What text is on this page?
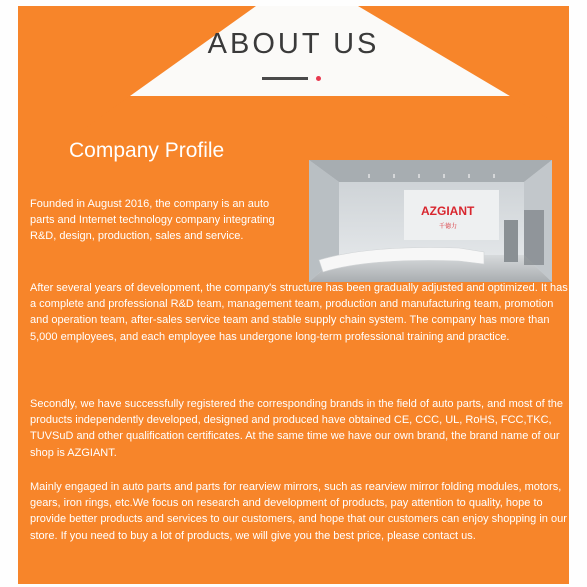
ABOUT US
Company Profile
AZGIANT
千德力

Founded in August 2016, the company is an auto parts and Internet technology company integrating R&D, design, production, sales and service.

After several years of development, the company's structure has been gradually adjusted and optimized. It has a complete and professional R&D team, management team, production and manufacturing team, promotion and operation team, after-sales service team and stable supply chain system. The company has more than 5,000 employees, and each employee has undergone long-term professional training and practice.

Secondly, we have successfully registered the corresponding brands in the field of auto parts, and most of the products independently developed, designed and produced have obtained CE, CCC, UL, RoHS, FCC,TKC, TUVSuD and other qualification certificates. At the same time we have our own brand, the brand name of our shop is AZGIANT.

Mainly engaged in auto parts and parts for rearview mirrors, such as rearview mirror folding modules, motors, gears, iron rings, etc.We focus on research and development of products, pay attention to quality, hope to provide better products and services to our customers, and hope that our customers can enjoy shopping in our store. If you need to buy a lot of products, we will give you the best price, please contact us.
